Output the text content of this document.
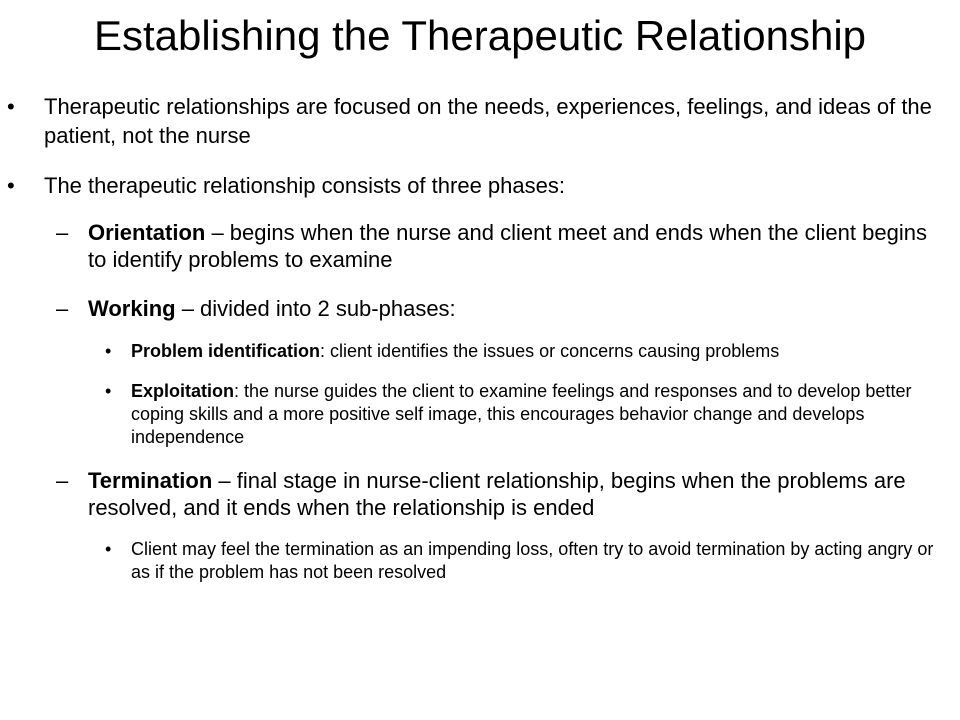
Establishing the Therapeutic Relationship
• Therapeutic relationships are focused on the needs, experiences, feelings, and ideas of the patient, not the nurse
• The therapeutic relationship consists of three phases:
– Orientation – begins when the nurse and client meet and ends when the client begins to identify problems to examine
– Working – divided into 2 sub-phases:
• Problem identification: client identifies the issues or concerns causing problems
• Exploitation: the nurse guides the client to examine feelings and responses and to develop better coping skills and a more positive self image, this encourages behavior change and develops independence
– Termination – final stage in nurse-client relationship, begins when the problems are resolved, and it ends when the relationship is ended
• Client may feel the termination as an impending loss, often try to avoid termination by acting angry or as if the problem has not been resolved
